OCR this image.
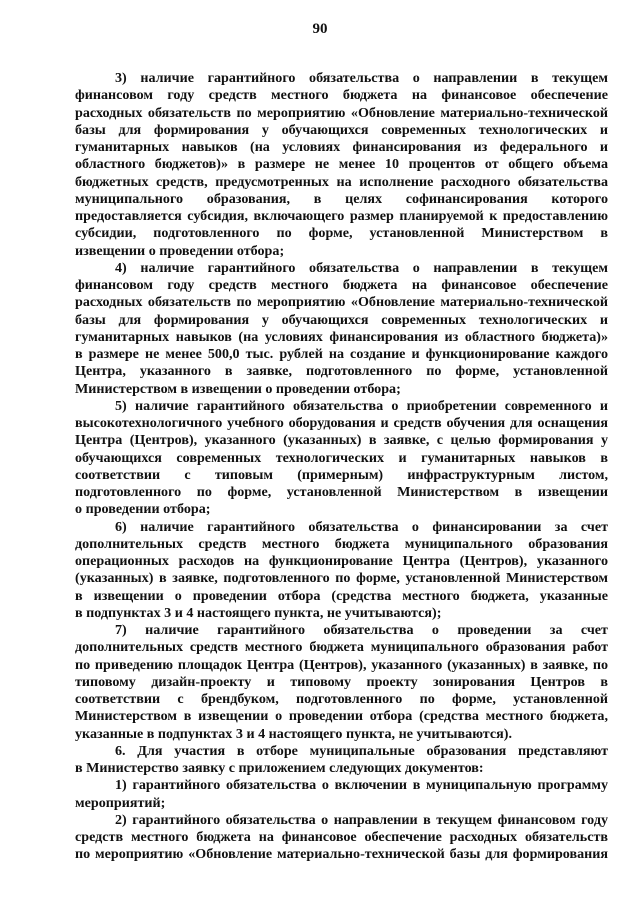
90
3) наличие гарантийного обязательства о направлении в текущем
финансовом году средств местного бюджета на финансовое обеспечение
расходных обязательств по мероприятию «Обновление материально-технической
базы для формирования у обучающихся современных технологических и
гуманитарных навыков (на условиях финансирования из федерального и
областного бюджетов)» в размере не менее 10 процентов от общего объема
бюджетных средств, предусмотренных на исполнение расходного обязательства
муниципального образования, в целях софинансирования которого
предоставляется субсидия, включающего размер планируемой к предоставлению
субсидии, подготовленного по форме, установленной Министерством в
извещении о проведении отбора;
4) наличие гарантийного обязательства о направлении в текущем
финансовом году средств местного бюджета на финансовое обеспечение
расходных обязательств по мероприятию «Обновление материально-технической
базы для формирования у обучающихся современных технологических и
гуманитарных навыков (на условиях финансирования из областного бюджета)»
в размере не менее 500,0 тыс. рублей на создание и функционирование каждого
Центра, указанного в заявке, подготовленного по форме, установленной
Министерством в извещении о проведении отбора;
5) наличие гарантийного обязательства о приобретении современного и
высокотехнологичного учебного оборудования и средств обучения для оснащения
Центра (Центров), указанного (указанных) в заявке, с целью формирования у
обучающихся современных технологических и гуманитарных навыков в
соответствии с типовым (примерным) инфраструктурным листом,
подготовленного по форме, установленной Министерством в извещении
о проведении отбора;
6) наличие гарантийного обязательства о финансировании за счет
дополнительных средств местного бюджета муниципального образования
операционных расходов на функционирование Центра (Центров), указанного
(указанных) в заявке, подготовленного по форме, установленной Министерством
в извещении о проведении отбора (средства местного бюджета, указанные
в подпунктах 3 и 4 настоящего пункта, не учитываются);
7) наличие гарантийного обязательства о проведении за счет
дополнительных средств местного бюджета муниципального образования работ
по приведению площадок Центра (Центров), указанного (указанных) в заявке, по
типовому дизайн-проекту и типовому проекту зонирования Центров в
соответствии с брендбуком, подготовленного по форме, установленной
Министерством в извещении о проведении отбора (средства местного бюджета,
указанные в подпунктах 3 и 4 настоящего пункта, не учитываются).
6. Для участия в отборе муниципальные образования представляют
в Министерство заявку с приложением следующих документов:
1) гарантийного обязательства о включении в муниципальную программу
мероприятий;
2) гарантийного обязательства о направлении в текущем финансовом году
средств местного бюджета на финансовое обеспечение расходных обязательств
по мероприятию «Обновление материально-технической базы для формирования
